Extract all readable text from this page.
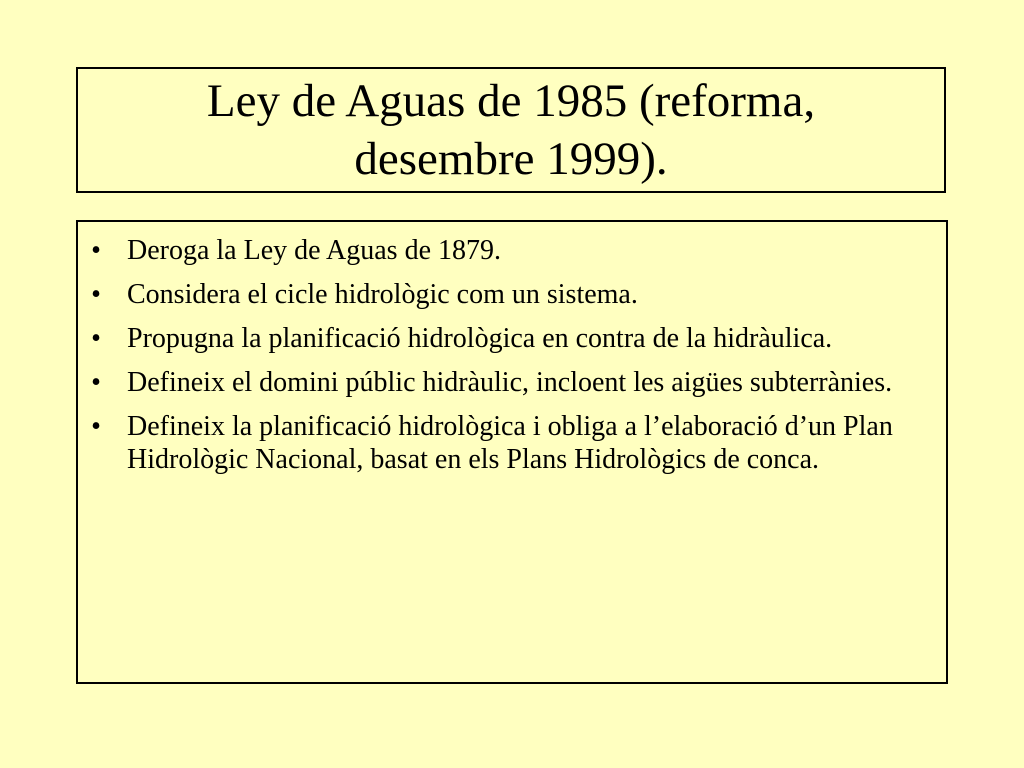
Ley de Aguas de 1985 (reforma,
desembre 1999).
• Deroga la Ley de Aguas de 1879.
• Considera el cicle hidrològic com un sistema.
• Propugna la planificació hidrològica en contra de la hidràulica.
• Defineix el domini públic hidràulic, incloent les aigües subterrànies.
• Defineix la planificació hidrològica i obliga a l’elaboració d’un Plan Hidrològic Nacional, basat en els Plans Hidrològics de conca.
